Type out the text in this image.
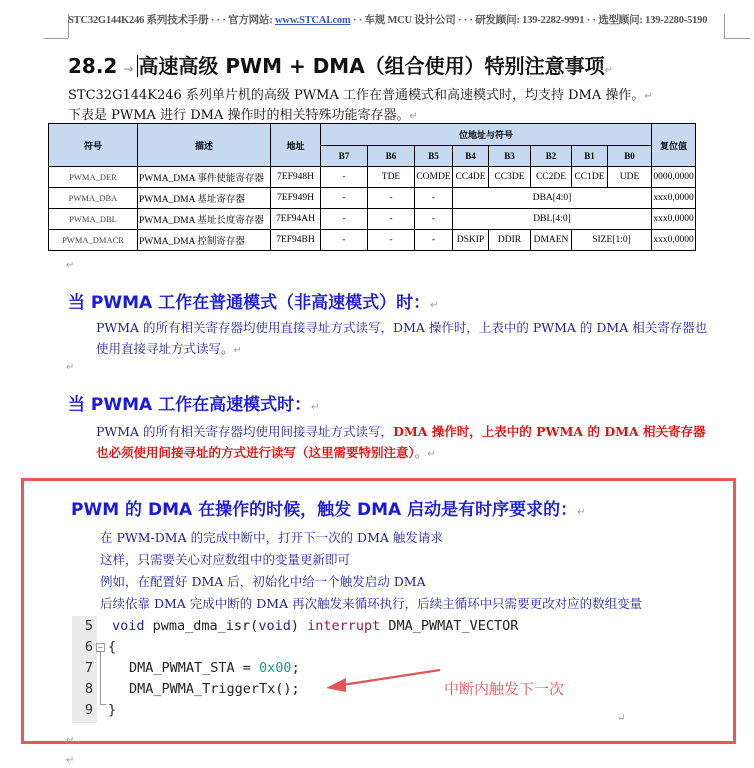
STC32G144K246 系列技术手册 · · · 官方网站: www.STCAI.com · · 车规 MCU 设计公司 · · · 研发顾问: 139-2282-9991 · · 选型顾问: 139-2280-5190
28.2 → 高速高级 PWM + DMA（组合使用）特别注意事项↵
STC32G144K246 系列单片机的高级 PWMA 工作在普通模式和高速模式时，均支持 DMA 操作。↵
下表是 PWMA 进行 DMA 操作时的相关特殊功能寄存器。↵
符号	描述	地址	位地址与符号								复位值
			B7	B6	B5	B4	B3	B2	B1	B0	
PWMA_DER	PWMA_DMA 事件使能寄存器	7EF948H	-	TDE	COMDE	CC4DE	CC3DE	CC2DE	CC1DE	UDE	0000,0000
PWMA_DBA	PWMA_DMA 基址寄存器	7EF949H	-	-	-	DBA[4:0]					xxx0,0000
PWMA_DBL	PWMA_DMA 基址长度寄存器	7EF94AH	-	-	-	DBL[4:0]					xxx0,0000
PWMA_DMACR	PWMA_DMA 控制寄存器	7EF94BH	-	-	-	DSKIP	DDIR	DMAEN	SIZE[1:0]		xxx0,0000
↵
当 PWMA 工作在普通模式（非高速模式）时：↵
PWMA 的所有相关寄存器均使用直接寻址方式读写，DMA 操作时，上表中的 PWMA 的 DMA 相关寄存器也使用直接寻址方式读写。↵
↵
当 PWMA 工作在高速模式时：↵
PWMA 的所有相关寄存器均使用间接寻址方式读写，DMA 操作时，上表中的 PWMA 的 DMA 相关寄存器也必须使用间接寻址的方式进行读写（这里需要特别注意）。↵
PWM 的 DMA 在操作的时候，触发 DMA 启动是有时序要求的：↵
在 PWM-DMA 的完成中断中，打开下一次的 DMA 触发请求
这样，只需要关心对应数组中的变量更新即可
例如，在配置好 DMA 后，初始化中给一个触发启动 DMA
后续依靠 DMA 完成中断的 DMA 再次触发来循环执行，后续主循环中只需要更改对应的数组变量
5
6
7
8
9
−
void pwma_dma_isr(void) interrupt DMA_PWMAT_VECTOR
{
DMA_PWMAT_STA = 0x00;
DMA_PWMA_TriggerTx();
}
中断内触发下一次
↵
↵
↵
